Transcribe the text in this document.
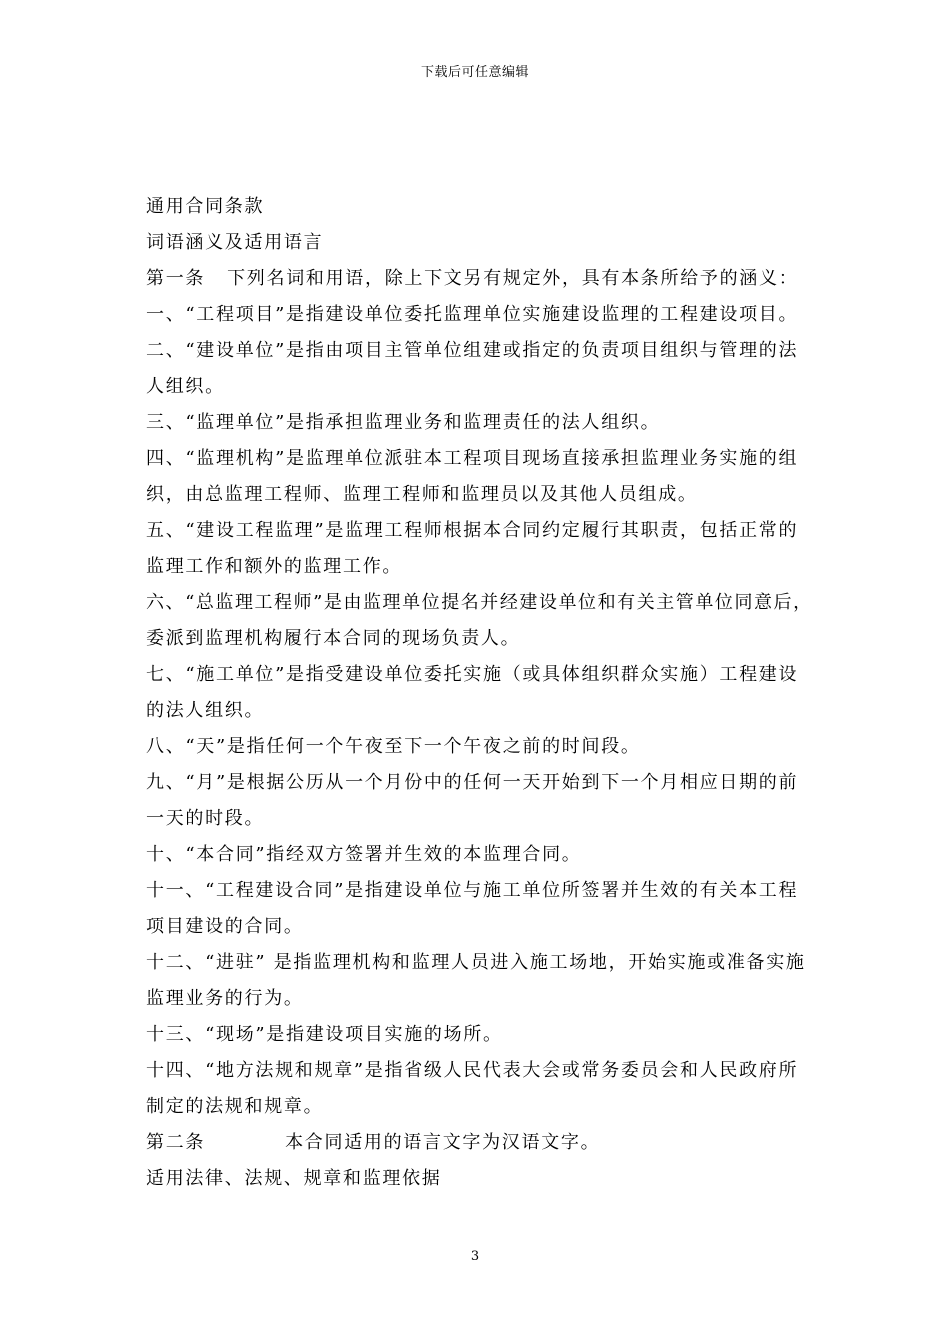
下载后可任意编辑

通用合同条款

词语涵义及适用语言

第一条 下列名词和用语，除上下文另有规定外，具有本条所给予的涵义：

一、“工程项目”是指建设单位委托监理单位实施建设监理的工程建设项目。

二、“建设单位”是指由项目主管单位组建或指定的负责项目组织与管理的法

人组织。

三、“监理单位”是指承担监理业务和监理责任的法人组织。

四、“监理机构”是监理单位派驻本工程项目现场直接承担监理业务实施的组

织，由总监理工程师、监理工程师和监理员以及其他人员组成。

五、“建设工程监理”是监理工程师根据本合同约定履行其职责，包括正常的

监理工作和额外的监理工作。

六、“总监理工程师”是由监理单位提名并经建设单位和有关主管单位同意后，

委派到监理机构履行本合同的现场负责人。

七、“施工单位”是指受建设单位委托实施（或具体组织群众实施）工程建设

的法人组织。

八、“天”是指任何一个午夜至下一个午夜之前的时间段。

九、“月”是根据公历从一个月份中的任何一天开始到下一个月相应日期的前

一天的时段。

十、“本合同”指经双方签署并生效的本监理合同。

十一、“工程建设合同”是指建设单位与施工单位所签署并生效的有关本工程

项目建设的合同。

十二、“进驻” 是指监理机构和监理人员进入施工场地，开始实施或准备实施

监理业务的行为。

十三、“现场”是指建设项目实施的场所。

十四、“地方法规和规章”是指省级人民代表大会或常务委员会和人民政府所

制定的法规和规章。

第二条	本合同适用的语言文字为汉语文字。

适用法律、法规、规章和监理依据

3
